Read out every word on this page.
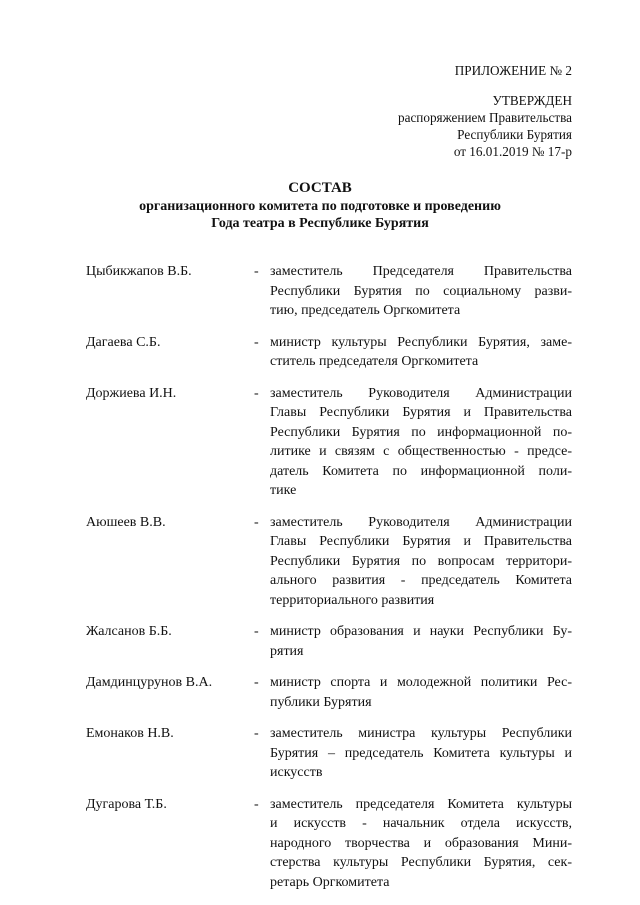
ПРИЛОЖЕНИЕ № 2
УТВЕРЖДЕН
распоряжением Правительства
Республики Бурятия
от 16.01.2019 № 17-р
СОСТАВ
организационного комитета по подготовке и проведению
Года театра в Республике Бурятия
Цыбикжапов В.Б.	- заместитель Председателя Правительства
Республики Бурятия по социальному разви-
тию, председатель Оргкомитета
Дагаева С.Б.	- министр культуры Республики Бурятия, заме-
ститель председателя Оргкомитета
Доржиева И.Н.	- заместитель Руководителя Администрации
Главы Республики Бурятия и Правительства
Республики Бурятия по информационной по-
литике и связям с общественностью - предсе-
датель Комитета по информационной поли-
тике
Аюшеев В.В.	- заместитель Руководителя Администрации
Главы Республики Бурятия и Правительства
Республики Бурятия по вопросам территори-
ального развития - председатель Комитета
территориального развития
Жалсанов Б.Б.	- министр образования и науки Республики Бу-
рятия
Дамдинцурунов В.А.	- министр спорта и молодежной политики Рес-
публики Бурятия
Емонаков Н.В.	- заместитель министра культуры Республики
Бурятия – председатель Комитета культуры и
искусств
Дугарова Т.Б.	- заместитель председателя Комитета культуры
и искусств - начальник отдела искусств,
народного творчества и образования Мини-
стерства культуры Республики Бурятия, сек-
ретарь Оргкомитета
